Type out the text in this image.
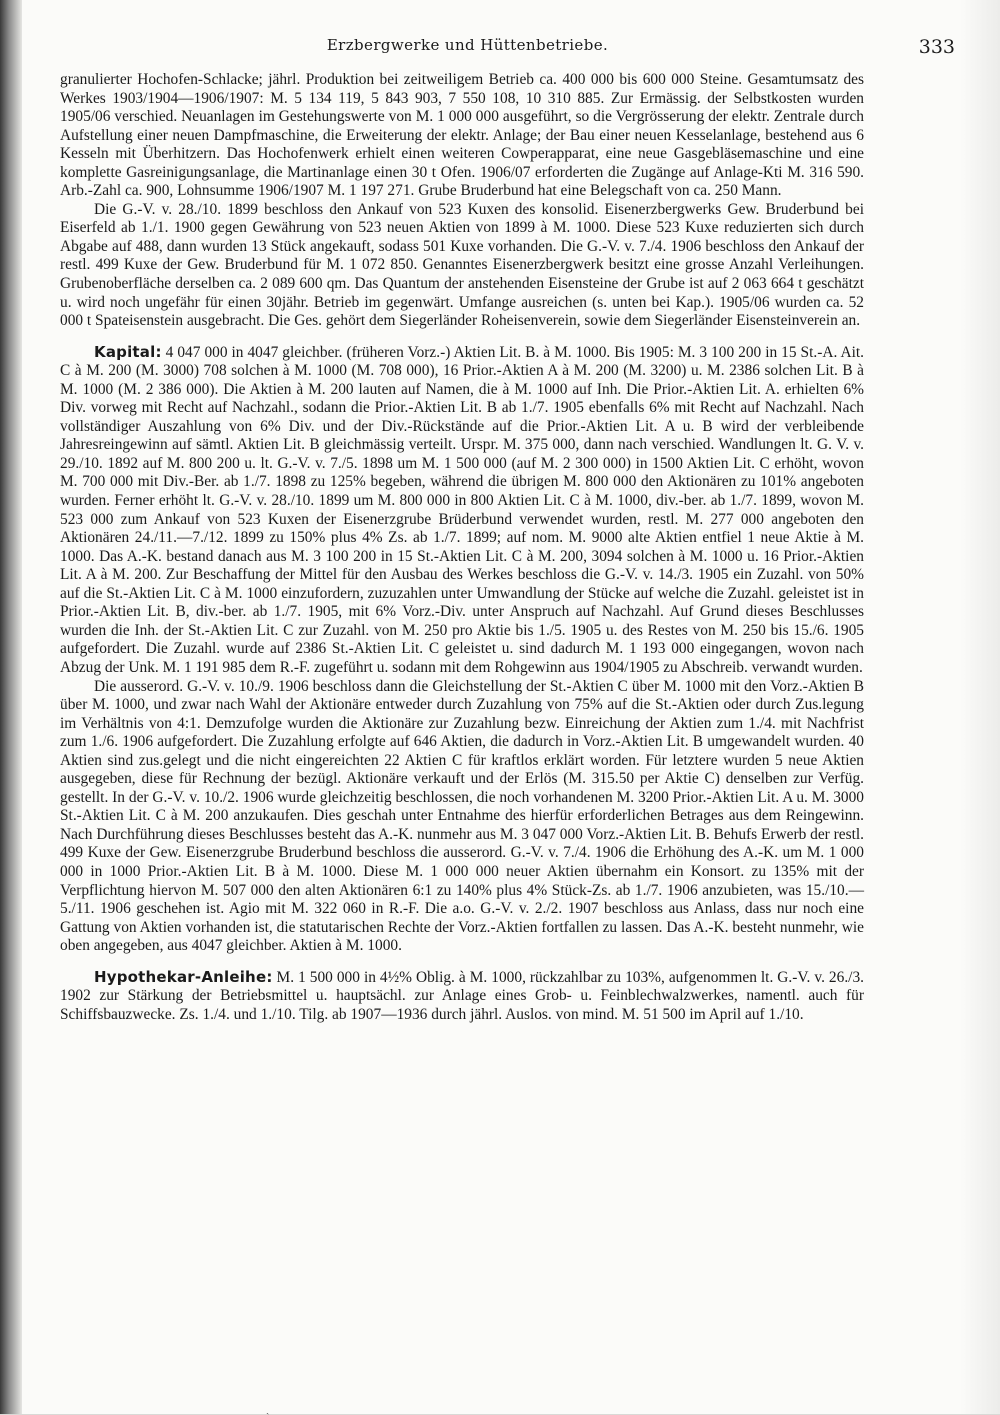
Erzbergwerke und Hüttenbetriebe.	333

granulierter Hochofen-Schlacke; jährl. Produktion bei zeitweiligem Betrieb ca. 400 000 bis 600 000 Steine. Gesamtumsatz des Werkes 1903/1904—1906/1907: M. 5 134 119, 5 843 903, 7 550 108, 10 310 885. Zur Ermässig. der Selbstkosten wurden 1905/06 verschied. Neuanlagen im Gestehungswerte von M. 1 000 000 ausgeführt, so die Vergrösserung der elektr. Zentrale durch Aufstellung einer neuen Dampfmaschine, die Erweiterung der elektr. Anlage; der Bau einer neuen Kesselanlage, bestehend aus 6 Kesseln mit Überhitzern. Das Hochofenwerk erhielt einen weiteren Cowperapparat, eine neue Gasgebläsemaschine und eine komplette Gasreinigungsanlage, die Martinanlage einen 30 t Ofen. 1906/07 erforderten die Zugänge auf Anlage-Kti M. 316 590. Arb.-Zahl ca. 900, Lohnsumme 1906/1907 M. 1 197 271. Grube Bruderbund hat eine Belegschaft von ca. 250 Mann.

Die G.-V. v. 28./10. 1899 beschloss den Ankauf von 523 Kuxen des konsolid. Eisenerzbergwerks Gew. Bruderbund bei Eiserfeld ab 1./1. 1900 gegen Gewährung von 523 neuen Aktien von 1899 à M. 1000. Diese 523 Kuxe reduzierten sich durch Abgabe auf 488, dann wurden 13 Stück angekauft, sodass 501 Kuxe vorhanden. Die G.-V. v. 7./4. 1906 beschloss den Ankauf der restl. 499 Kuxe der Gew. Bruderbund für M. 1 072 850. Genanntes Eisenerzbergwerk besitzt eine grosse Anzahl Verleihungen. Grubenoberfläche derselben ca. 2 089 600 qm. Das Quantum der anstehenden Eisensteine der Grube ist auf 2 063 664 t geschätzt u. wird noch ungefähr für einen 30jähr. Betrieb im gegenwärt. Umfange ausreichen (s. unten bei Kap.). 1905/06 wurden ca. 52 000 t Spateisenstein ausgebracht. Die Ges. gehört dem Siegerländer Roheisenverein, sowie dem Siegerländer Eisensteinverein an.

Kapital: 4 047 000 in 4047 gleichber. (früheren Vorz.-) Aktien Lit. B. à M. 1000. Bis 1905: M. 3 100 200 in 15 St.-A. Ait. C à M. 200 (M. 3000) 708 solchen à M. 1000 (M. 708 000), 16 Prior.-Aktien A à M. 200 (M. 3200) u. M. 2386 solchen Lit. B à M. 1000 (M. 2 386 000). Die Aktien à M. 200 lauten auf Namen, die à M. 1000 auf Inh. Die Prior.-Aktien Lit. A. erhielten 6% Div. vorweg mit Recht auf Nachzahl., sodann die Prior.-Aktien Lit. B ab 1./7. 1905 ebenfalls 6% mit Recht auf Nachzahl. Nach vollständiger Auszahlung von 6% Div. und der Div.-Rückstände auf die Prior.-Aktien Lit. A u. B wird der verbleibende Jahresreingewinn auf sämtl. Aktien Lit. B gleichmässig verteilt. Urspr. M. 375 000, dann nach verschied. Wandlungen lt. G. V. v. 29./10. 1892 auf M. 800 200 u. lt. G.-V. v. 7./5. 1898 um M. 1 500 000 (auf M. 2 300 000) in 1500 Aktien Lit. C erhöht, wovon M. 700 000 mit Div.-Ber. ab 1./7. 1898 zu 125% begeben, während die übrigen M. 800 000 den Aktionären zu 101% angeboten wurden. Ferner erhöht lt. G.-V. v. 28./10. 1899 um M. 800 000 in 800 Aktien Lit. C à M. 1000, div.-ber. ab 1./7. 1899, wovon M. 523 000 zum Ankauf von 523 Kuxen der Eisenerzgrube Brüderbund verwendet wurden, restl. M. 277 000 angeboten den Aktionären 24./11.—7./12. 1899 zu 150% plus 4% Zs. ab 1./7. 1899; auf nom. M. 9000 alte Aktien entfiel 1 neue Aktie à M. 1000. Das A.-K. bestand danach aus M. 3 100 200 in 15 St.-Aktien Lit. C à M. 200, 3094 solchen à M. 1000 u. 16 Prior.-Aktien Lit. A à M. 200. Zur Beschaffung der Mittel für den Ausbau des Werkes beschloss die G.-V. v. 14./3. 1905 ein Zuzahl. von 50% auf die St.-Aktien Lit. C à M. 1000 einzufordern, zuzuzahlen unter Umwandlung der Stücke auf welche die Zuzahl. geleistet ist in Prior.-Aktien Lit. B, div.-ber. ab 1./7. 1905, mit 6% Vorz.-Div. unter Anspruch auf Nachzahl. Auf Grund dieses Beschlusses wurden die Inh. der St.-Aktien Lit. C zur Zuzahl. von M. 250 pro Aktie bis 1./5. 1905 u. des Restes von M. 250 bis 15./6. 1905 aufgefordert. Die Zuzahl. wurde auf 2386 St.-Aktien Lit. C geleistet u. sind dadurch M. 1 193 000 eingegangen, wovon nach Abzug der Unk. M. 1 191 985 dem R.-F. zugeführt u. sodann mit dem Rohgewinn aus 1904/1905 zu Abschreib. verwandt wurden.

Die ausserord. G.-V. v. 10./9. 1906 beschloss dann die Gleichstellung der St.-Aktien C über M. 1000 mit den Vorz.-Aktien B über M. 1000, und zwar nach Wahl der Aktionäre entweder durch Zuzahlung von 75% auf die St.-Aktien oder durch Zus.legung im Verhältnis von 4:1. Demzufolge wurden die Aktionäre zur Zuzahlung bezw. Einreichung der Aktien zum 1./4. mit Nachfrist zum 1./6. 1906 aufgefordert. Die Zuzahlung erfolgte auf 646 Aktien, die dadurch in Vorz.-Aktien Lit. B umgewandelt wurden. 40 Aktien sind zus.gelegt und die nicht eingereichten 22 Aktien C für kraftlos erklärt worden. Für letztere wurden 5 neue Aktien ausgegeben, diese für Rechnung der bezügl. Aktionäre verkauft und der Erlös (M. 315.50 per Aktie C) denselben zur Verfüg. gestellt. In der G.-V. v. 10./2. 1906 wurde gleichzeitig beschlossen, die noch vorhandenen M. 3200 Prior.-Aktien Lit. A u. M. 3000 St.-Aktien Lit. C à M. 200 anzukaufen. Dies geschah unter Entnahme des hierfür erforderlichen Betrages aus dem Reingewinn. Nach Durchführung dieses Beschlusses besteht das A.-K. nunmehr aus M. 3 047 000 Vorz.-Aktien Lit. B. Behufs Erwerb der restl. 499 Kuxe der Gew. Eisenerzgrube Bruderbund beschloss die ausserord. G.-V. v. 7./4. 1906 die Erhöhung des A.-K. um M. 1 000 000 in 1000 Prior.-Aktien Lit. B à M. 1000. Diese M. 1 000 000 neuer Aktien übernahm ein Konsort. zu 135% mit der Verpflichtung hiervon M. 507 000 den alten Aktionären 6:1 zu 140% plus 4% Stück-Zs. ab 1./7. 1906 anzubieten, was 15./10.—5./11. 1906 geschehen ist. Agio mit M. 322 060 in R.-F. Die a.o. G.-V. v. 2./2. 1907 beschloss aus Anlass, dass nur noch eine Gattung von Aktien vorhanden ist, die statutarischen Rechte der Vorz.-Aktien fortfallen zu lassen. Das A.-K. besteht nunmehr, wie oben angegeben, aus 4047 gleichber. Aktien à M. 1000.

Hypothekar-Anleihe: M. 1 500 000 in 4½% Oblig. à M. 1000, rückzahlbar zu 103%, aufgenommen lt. G.-V. v. 26./3. 1902 zur Stärkung der Betriebsmittel u. hauptsächl. zur Anlage eines Grob- u. Feinblechwalzwerkes, namentl. auch für Schiffsbauzwecke. Zs. 1./4. und 1./10. Tilg. ab 1907—1936 durch jährl. Auslos. von mind. M. 51 500 im April auf 1./10.

ˎ
